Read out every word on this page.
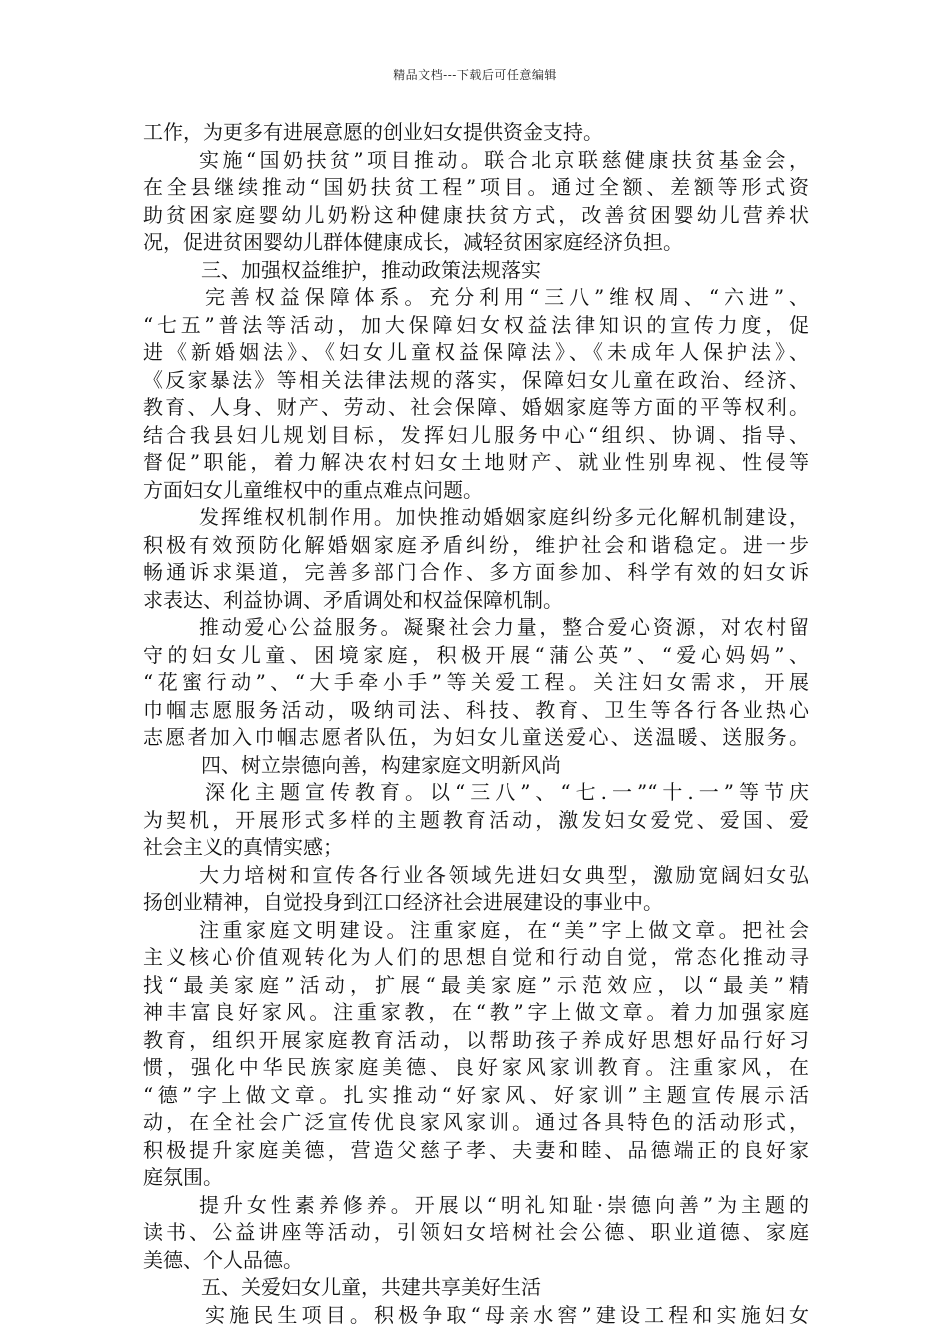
精品文档---下载后可任意编辑
工作，为更多有进展意愿的创业妇女提供资金支持。
实施“国奶扶贫”项目推动。联合北京联慈健康扶贫基金会，
在全县继续推动“国奶扶贫工程”项目。通过全额、差额等形式资
助贫困家庭婴幼儿奶粉这种健康扶贫方式，改善贫困婴幼儿营养状
况，促进贫困婴幼儿群体健康成长，减轻贫困家庭经济负担。
三、加强权益维护，推动政策法规落实
完善权益保障体系。充分利用“三八”维权周、“六进”、
“七五”普法等活动，加大保障妇女权益法律知识的宣传力度，促
进《新婚姻法》、《妇女儿童权益保障法》、《未成年人保护法》、
《反家暴法》等相关法律法规的落实，保障妇女儿童在政治、经济、
教育、人身、财产、劳动、社会保障、婚姻家庭等方面的平等权利。
结合我县妇儿规划目标，发挥妇儿服务中心“组织、协调、指导、
督促”职能，着力解决农村妇女土地财产、就业性别卑视、性侵等
方面妇女儿童维权中的重点难点问题。
发挥维权机制作用。加快推动婚姻家庭纠纷多元化解机制建设，
积极有效预防化解婚姻家庭矛盾纠纷，维护社会和谐稳定。进一步
畅通诉求渠道，完善多部门合作、多方面参加、科学有效的妇女诉
求表达、利益协调、矛盾调处和权益保障机制。
推动爱心公益服务。凝聚社会力量，整合爱心资源，对农村留
守的妇女儿童、困境家庭，积极开展“蒲公英”、“爱心妈妈”、
“花蜜行动”、“大手牵小手”等关爱工程。关注妇女需求，开展
巾帼志愿服务活动，吸纳司法、科技、教育、卫生等各行各业热心
志愿者加入巾帼志愿者队伍，为妇女儿童送爱心、送温暖、送服务。
四、树立崇德向善，构建家庭文明新风尚
深化主题宣传教育。以“三八”、“七.一”“十.一”等节庆
为契机，开展形式多样的主题教育活动，激发妇女爱党、爱国、爱
社会主义的真情实感；
大力培树和宣传各行业各领域先进妇女典型，激励宽阔妇女弘
扬创业精神，自觉投身到江口经济社会进展建设的事业中。
注重家庭文明建设。注重家庭，在“美”字上做文章。把社会
主义核心价值观转化为人们的思想自觉和行动自觉，常态化推动寻
找“最美家庭”活动，扩展“最美家庭”示范效应，以“最美”精
神丰富良好家风。注重家教，在“教”字上做文章。着力加强家庭
教育，组织开展家庭教育活动，以帮助孩子养成好思想好品行好习
惯，强化中华民族家庭美德、良好家风家训教育。注重家风，在
“德”字上做文章。扎实推动“好家风、好家训”主题宣传展示活
动，在全社会广泛宣传优良家风家训。通过各具特色的活动形式，
积极提升家庭美德，营造父慈子孝、夫妻和睦、品德端正的良好家
庭氛围。
提升女性素养修养。开展以“明礼知耻·崇德向善”为主题的
读书、公益讲座等活动，引领妇女培树社会公德、职业道德、家庭
美德、个人品德。
五、关爱妇女儿童，共建共享美好生活
实施民生项目。积极争取“母亲水窖”建设工程和实施妇女
